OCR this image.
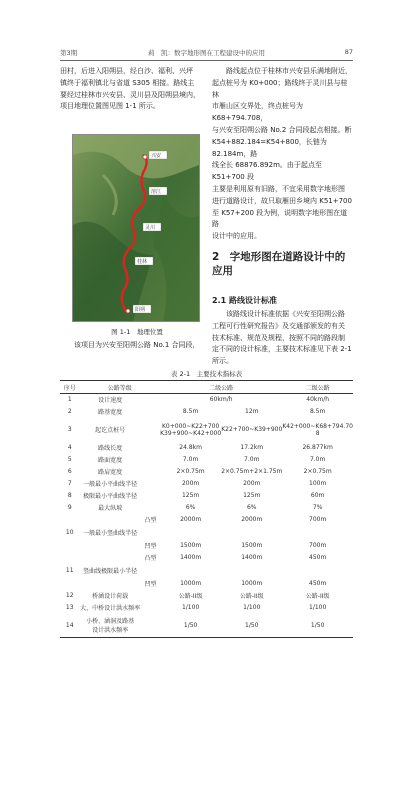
第3期	莉　凯：数字地形图在工程建设中的应用	87

田村，后进入阳朔县，经白沙、福利、兴坪

镇终于福利镇北与省道 S305 相接。路线主

要经过桂林市兴安县、灵川县及阳朔县境内，

项目地理位置图见图 1-1 所示。

　　路线起点位于桂林市兴安县乐满地附近，

起点桩号为 K0+000；路线终于灵川县与桂林

市雁山区交界处，终点桩号为 K68+794.708，

与兴安至阳朔公路 No.2 合同段起点相接。断

K54+882.184=K54+800，长链为 82.184m，路

线全长 68876.892m。由于起点至 K51+700 段

主要是利用原有旧路，不宜采用数字地形图

进行道路设计，故只取雁田乡境内 K51+700

至 K57+200 段为例，说明数字地形图在道路

设计中的应用。

兴安
溶江
灵川
桂林
阳朔
图 1-1　地理位置
该项目为兴安至阳朔公路 No.1 合同段，
2　字地形图在道路设计中的应用
2.1 路线设计标准

　　该路线设计标准依据《兴安至阳朔公路

工程可行性研究报告》及交通部颁发的有关

技术标准、规范及规程，按照不同的路段制

定不同的设计标准，主要技术标准见下表 2-1

所示。

表 2-1　主要技术指标表
序号	公路等级		二级公路		二级公路
1	设计速度		60km/h		40km/h
2	路基宽度		8.5m	12m	8.5m
3	起讫点桩号		K0+000~K22+700
K39+900~K42+000	K22+700~K39+900	K42+000~K68+794.70
8
4	路线长度		24.8km	17.2km	26.877km
5	路面宽度		7.0m	7.0m	7.0m
6	路肩宽度		2×0.75m	2×0.75m+2×1.75m	2×0.75m
7	一般最小平曲线半径		200m	200m	100m
8	极限最小平曲线半径		125m	125m	60m
9	最大纵坡		6%	6%	7%
		凸型	2000m	2000m	700m
10	一般最小竖曲线半径				
		凹型	1500m	1500m	700m
		凸型	1400m	1400m	450m
11	竖曲线极限最小半径				
		凹型	1000m	1000m	450m
12	桥涵设计荷载		公路-II级	公路-II级	公路-II级
13	大、中桥设计洪水频率		1/100	1/100	1/100
14	小桥、涵洞及路基
设计洪水频率		1/50	1/50	1/50
